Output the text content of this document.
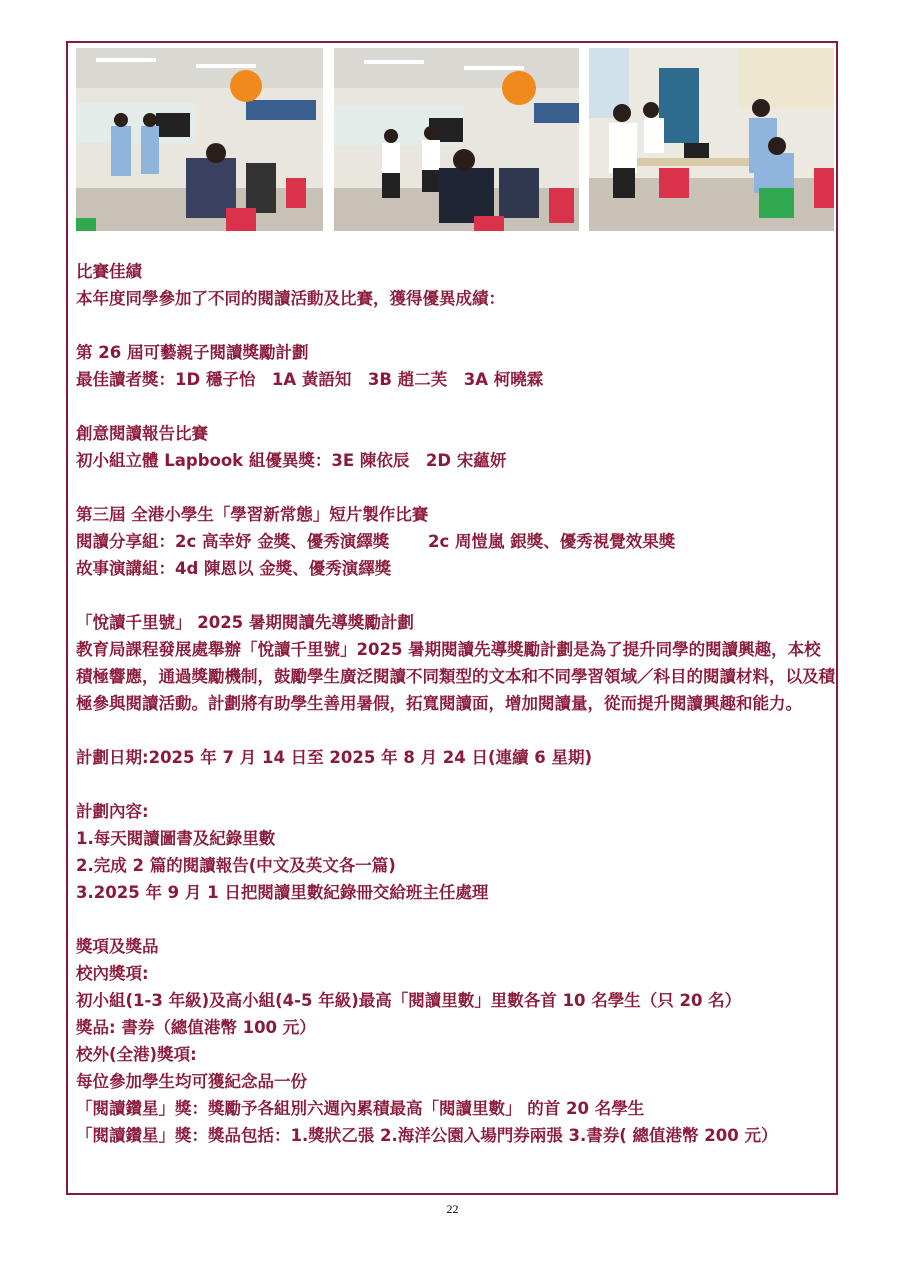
比賽佳績

本年度同學參加了不同的閱讀活動及比賽，獲得優異成績：

第 26 屆可藝親子閱讀獎勵計劃

最佳讀者獎：1D 穩子怡　1A 黃語知　3B 趙二芙　3A 柯曉霖

創意閱讀報告比賽

初小組立體 Lapbook 組優異獎：3E 陳依辰　2D 宋蘊妍

第三屆 全港小學生「學習新常態」短片製作比賽

閱讀分享組：2c 高幸妤 金獎、優秀演繹獎　　 2c 周愷嵐 銀獎、優秀視覺效果獎

故事演講組：4d 陳恩以 金獎、優秀演繹獎

「悅讀千里號」 2025 暑期閱讀先導獎勵計劃

教育局課程發展處舉辦「悅讀千里號」2025 暑期閱讀先導獎勵計劃是為了提升同學的閱讀興趣，本校積極響應，通過獎勵機制，鼓勵學生廣泛閱讀不同類型的文本和不同學習領域／科目的閱讀材料，以及積極參與閱讀活動。計劃將有助學生善用暑假，拓寬閱讀面，增加閱讀量，從而提升閱讀興趣和能力。

計劃日期:2025 年 7 月 14 日至 2025 年 8 月 24 日(連續 6 星期)

計劃內容:

1.每天閱讀圖書及紀錄里數

2.完成 2 篇的閱讀報告(中文及英文各一篇)

3.2025 年 9 月 1 日把閱讀里數紀錄冊交給班主任處理

獎項及獎品

校內獎項:

初小組(1-3 年級)及高小組(4-5 年級)最高「閱讀里數」里數各首 10 名學生（只 20 名）

獎品: 書券（總值港幣 100 元）

校外(全港)獎項:

每位參加學生均可獲紀念品一份

「閱讀鑽星」獎：獎勵予各組別六週內累積最高「閱讀里數」 的首 20 名學生

「閱讀鑽星」獎：獎品包括：1.獎狀乙張 2.海洋公園入場門券兩張 3.書券( 總值港幣 200 元）

22
